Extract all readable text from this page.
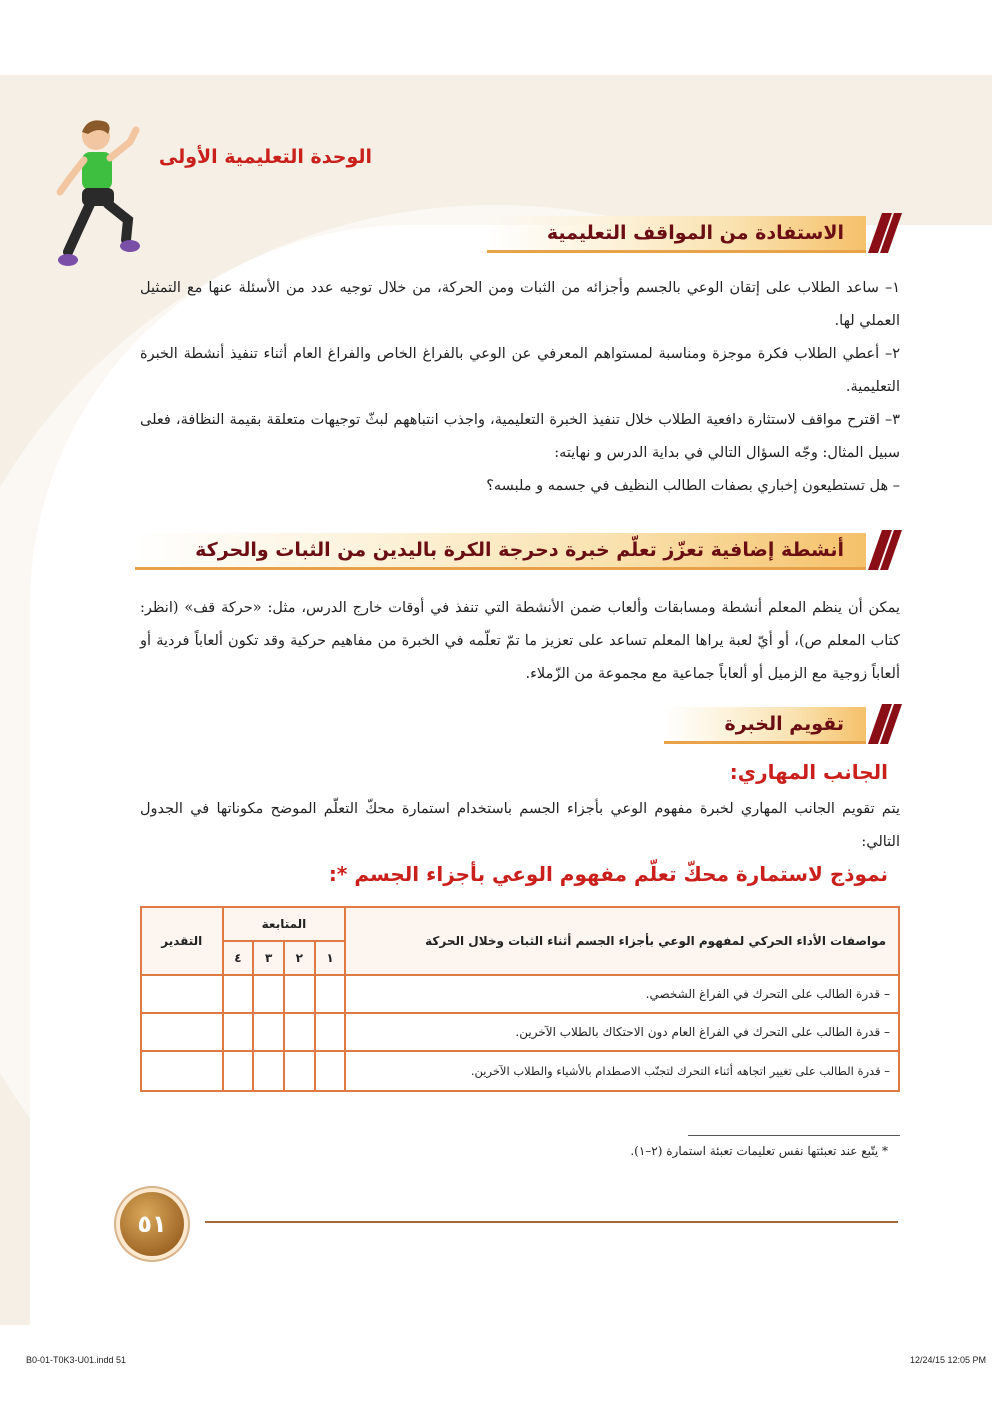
الوحدة التعليمية الأولى
الاستفادة من المواقف التعليمية

١– ساعد الطلاب على إتقان الوعي بالجسم وأجزائه من الثبات ومن الحركة، من خلال توجيه عدد من الأسئلة عنها مع التمثيل العملي لها.

٢– أعطي الطلاب فكرة موجزة ومناسبة لمستواهم المعرفي عن الوعي بالفراغ الخاص والفراغ العام أثناء تنفيذ أنشطة الخبرة التعليمية.

٣– اقترح مواقف لاستثارة دافعية الطلاب خلال تنفيذ الخبرة التعليمية، واجذب انتباههم لبثّ توجيهات متعلقة بقيمة النظافة، فعلى سبيل المثال: وجّه السؤال التالي في بداية الدرس و نهايته:

– هل تستطيعون إخباري بصفات الطالب النظيف في جسمه و ملبسه؟

أنشطة إضافية تعزّز تعلّم خبرة دحرجة الكرة باليدين من الثبات والحركة

يمكن أن ينظم المعلم أنشطة ومسابقات وألعاب ضمن الأنشطة التي تنفذ في أوقات خارج الدرس، مثل: «حركة قف» (انظر: كتاب المعلم ص)، أو أيّ لعبة يراها المعلم تساعد على تعزيز ما تمّ تعلّمه في الخبرة من مفاهيم حركية وقد تكون ألعاباً فردية أو ألعاباً زوجية مع الزميل أو ألعاباً جماعية مع مجموعة من الزّملاء.

تقويم الخبرة
الجانب المهاري:

يتم تقويم الجانب المهاري لخبرة مفهوم الوعي بأجزاء الجسم باستخدام استمارة محكّ التعلّم الموضح مكوناتها في الجدول التالي:

نموذج لاستمارة محكّ تعلّم مفهوم الوعي بأجزاء الجسم *:
مواصفات الأداء الحركي لمفهوم الوعي بأجزاء الجسم أثناء الثبات وخلال الحركة	المتابعة				التقدير
	١	٢	٣	٤	
– قدرة الطالب على التحرك في الفراغ الشخصي.					
– قدرة الطالب على التحرك في الفراغ العام دون الاحتكاك بالطلاب الآخرين.					
– قدرة الطالب على تغيير اتجاهه أثناء التحرك لتجنّب الاصطدام بالأشياء والطلاب الآخرين.					
* يتّبع عند تعبئتها نفس تعليمات تعبئة استمارة (٢–١).
٥١
B0-01-T0K3-U01.indd 51	12/24/15 12:05 PM
